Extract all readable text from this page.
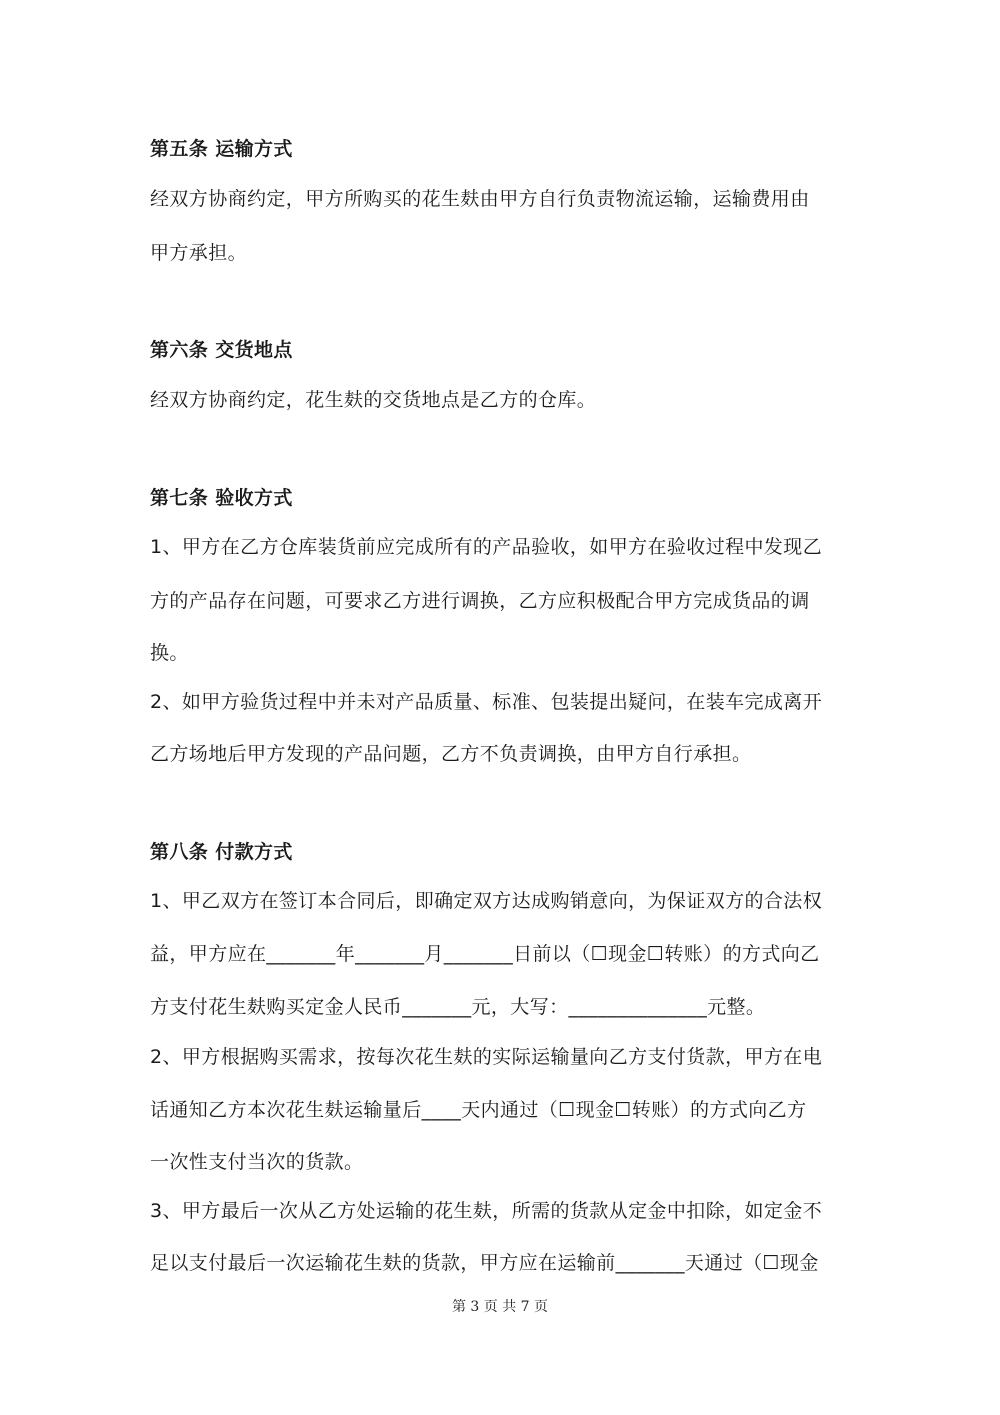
第五条 运输方式
经双方协商约定，甲方所购买的花生麸由甲方自行负责物流运输，运输费用由
甲方承担。
第六条 交货地点
经双方协商约定，花生麸的交货地点是乙方的仓库。
第七条 验收方式
1、甲方在乙方仓库装货前应完成所有的产品验收，如甲方在验收过程中发现乙
方的产品存在问题，可要求乙方进行调换，乙方应积极配合甲方完成货品的调
换。
2、如甲方验货过程中并未对产品质量、标准、包装提出疑问，在装车完成离开
乙方场地后甲方发现的产品问题，乙方不负责调换，由甲方自行承担。
第八条 付款方式
1、甲乙双方在签订本合同后，即确定双方达成购销意向，为保证双方的合法权
益，甲方应在_______年_______月_______日前以（☐现金☐转账）的方式向乙
方支付花生麸购买定金人民币_______元，大写：______________元整。
2、甲方根据购买需求，按每次花生麸的实际运输量向乙方支付货款，甲方在电
话通知乙方本次花生麸运输量后____天内通过（☐现金☐转账）的方式向乙方
一次性支付当次的货款。
3、甲方最后一次从乙方处运输的花生麸，所需的货款从定金中扣除，如定金不
足以支付最后一次运输花生麸的货款，甲方应在运输前_______天通过（☐现金
第 3 页 共 7 页
